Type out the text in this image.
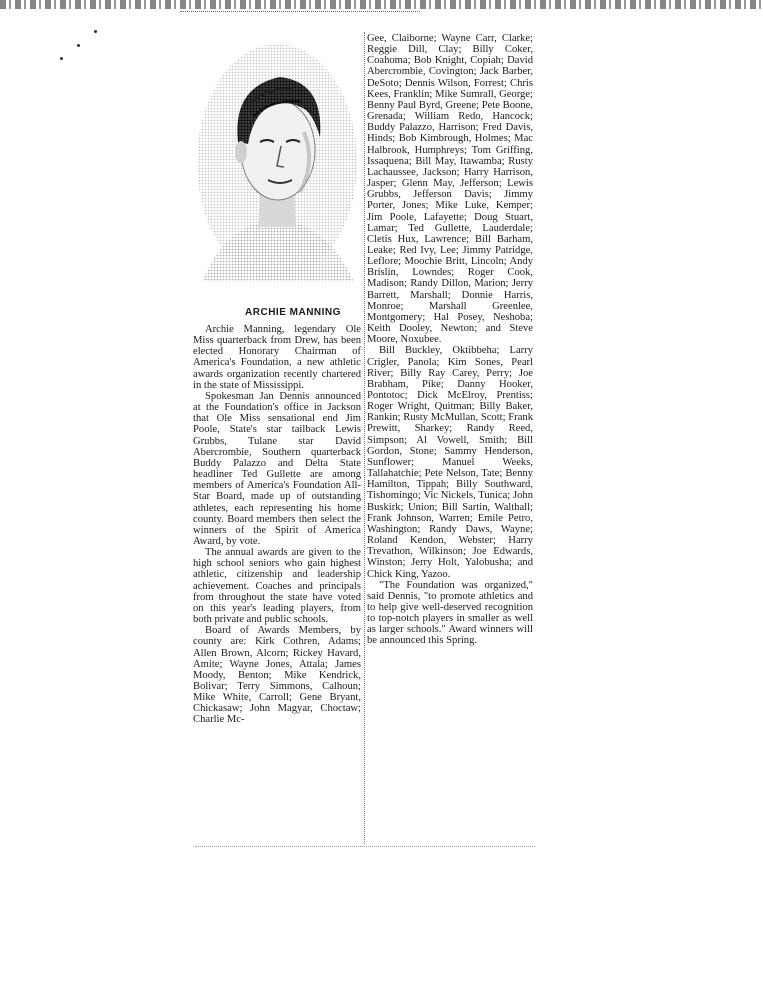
ARCHIE MANNING

Archie Manning, legendary Ole Miss quarterback from Drew, has been elected Honorary Chairman of America's Foundation, a new athletic awards organization recently chartered in the state of Mississippi.

Spokesman Jan Dennis announced at the Foundation's office in Jackson that Ole Miss sensational end Jim Poole, State's star tailback Lewis Grubbs, Tulane star David Abercrombie, Southern quarterback Buddy Palazzo and Delta State headliner Ted Gullette are among members of America's Foundation All-Star Board, made up of outstanding athletes, each representing his home county. Board members then select the winners of the Spirit of America Award, by vote.

The annual awards are given to the high school seniors who gain highest athletic, citizenship and leadership achievement. Coaches and principals from throughout the state have voted on this year's leading players, from both private and public schools.

Board of Awards Members, by county are: Kirk Cothren, Adams; Allen Brown, Alcorn; Rickey Havard, Amite; Wayne Jones, Attala; James Moody, Benton; Mike Kendrick, Bolivar; Terry Simmons, Calhoun; Mike White, Carroll; Gene Bryant, Chickasaw; John Magyar, Choctaw; Charlie Mc-

Gee, Claiborne; Wayne Carr, Clarke; Reggie Dill, Clay; Billy Coker, Coahoma; Bob Knight, Copiah; David Abercrombie, Covington; Jack Barber, DeSoto; Dennis Wilson, Forrest; Chris Kees, Franklin; Mike Sumrall, George; Benny Paul Byrd, Greene; Pete Boone, Grenada; William Redo, Hancock; Buddy Palazzo, Harrison; Fred Davis, Hinds; Bob Kimbrough, Holmes; Mac Halbrook, Humphreys; Tom Griffing, Issaquena; Bill May, Itawamba; Rusty Lachaussee, Jackson; Harry Harrison, Jasper; Glenn May, Jefferson; Lewis Grubbs, Jefferson Davis; Jimmy Porter, Jones; Mike Luke, Kemper; Jim Poole, Lafayette; Doug Stuart, Lamar; Ted Gullette, Lauderdale; Cletis Hux, Lawrence; Bill Barham, Leake; Red Ivy, Lee; Jimmy Patridge, Leflore; Moochie Britt, Lincoln; Andy Brislin, Lowndes; Roger Cook, Madison; Randy Dillon, Marion; Jerry Barrett, Marshall; Donnie Harris, Monroe; Marshall Greenlee, Montgomery; Hal Posey, Neshoba; Keith Dooley, Newton; and Steve Moore, Noxubee.

Bill Buckley, Oktibbeha; Larry Crigler, Panola; Kim Sones, Pearl River; Billy Ray Carey, Perry; Joe Brabham, Pike; Danny Hooker, Pontotoc; Dick McElroy, Prentiss; Roger Wright, Quitman; Billy Baker, Rankin; Rusty McMullan, Scott; Frank Prewitt, Sharkey; Randy Reed, Simpson; Al Vowell, Smith; Bill Gordon, Stone; Sammy Henderson, Sunflower; Manuel Weeks, Tallahatchie; Pete Nelson, Tate; Benny Hamilton, Tippah; Billy Southward, Tishomingo; Vic Nickels, Tunica; John Buskirk; Union; Bill Sartin, Walthall; Frank Johnson, Warren; Emile Petro, Washington; Randy Daws, Wayne; Roland Kendon, Webster; Harry Trevathon, Wilkinson; Joe Edwards, Winston; Jerry Holt, Yalobusha; and Chick King, Yazoo.

"The Foundation was organized," said Dennis, "to promote athletics and to help give well-deserved recognition to top-notch players in smaller as well as larger schools." Award winners will be announced this Spring.
